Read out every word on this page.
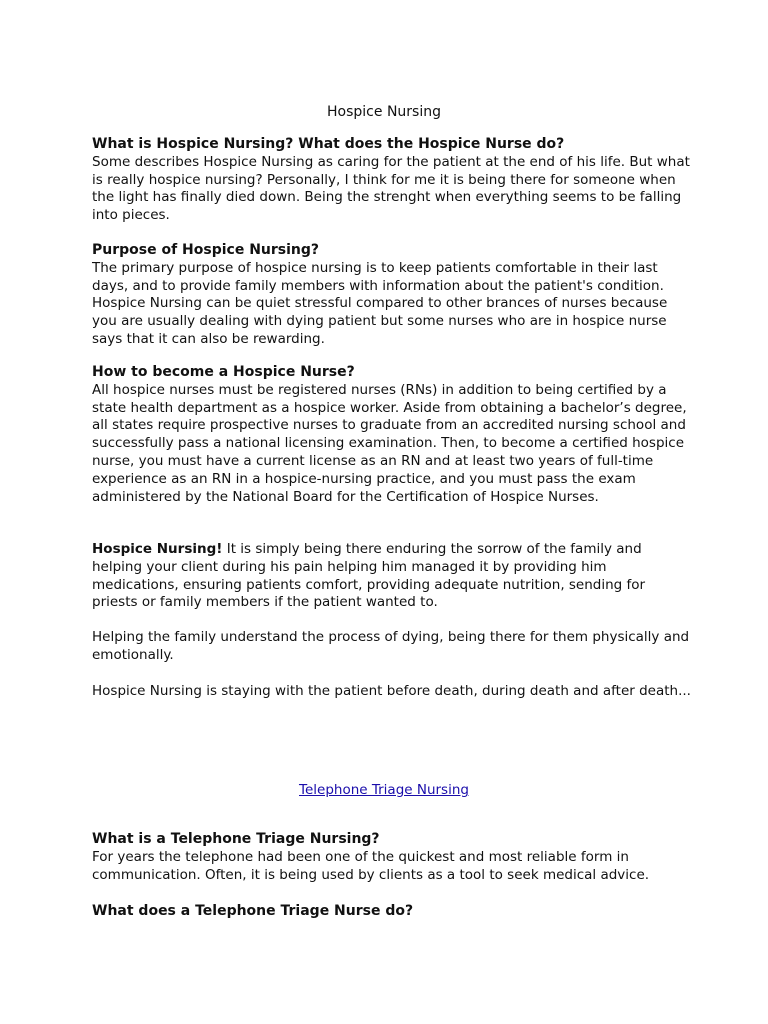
Hospice Nursing

What is Hospice Nursing? What does the Hospice Nurse do?

Some describes Hospice Nursing as caring for the patient at the end of his life. But what is really hospice nursing? Personally, I think for me it is being there for someone when the light has finally died down. Being the strenght when everything seems to be falling into pieces.

Purpose of Hospice Nursing?

The primary purpose of hospice nursing is to keep patients comfortable in their last days, and to provide family members with information about the patient's condition. Hospice Nursing can be quiet stressful compared to other brances of nurses because you are usually dealing with dying patient but some nurses who are in hospice nurse says that it can also be rewarding.

How to become a Hospice Nurse?

All hospice nurses must be registered nurses (RNs) in addition to being certified by a state health department as a hospice worker. Aside from obtaining a bachelor’s degree, all states require prospective nurses to graduate from an accredited nursing school and successfully pass a national licensing examination. Then, to become a certified hospice nurse, you must have a current license as an RN and at least two years of full-time experience as an RN in a hospice-nursing practice, and you must pass the exam administered by the National Board for the Certification of Hospice Nurses.

Hospice Nursing! It is simply being there enduring the sorrow of the family and helping your client during his pain helping him managed it by providing him medications, ensuring patients comfort, providing adequate nutrition, sending for priests or family members if the patient wanted to.

Helping the family understand the process of dying, being there for them physically and emotionally.

Hospice Nursing is staying with the patient before death, during death and after death...

Telephone Triage Nursing

What is a Telephone Triage Nursing?

For years the telephone had been one of the quickest and most reliable form in communication. Often, it is being used by clients as a tool to seek medical advice.

What does a Telephone Triage Nurse do?
